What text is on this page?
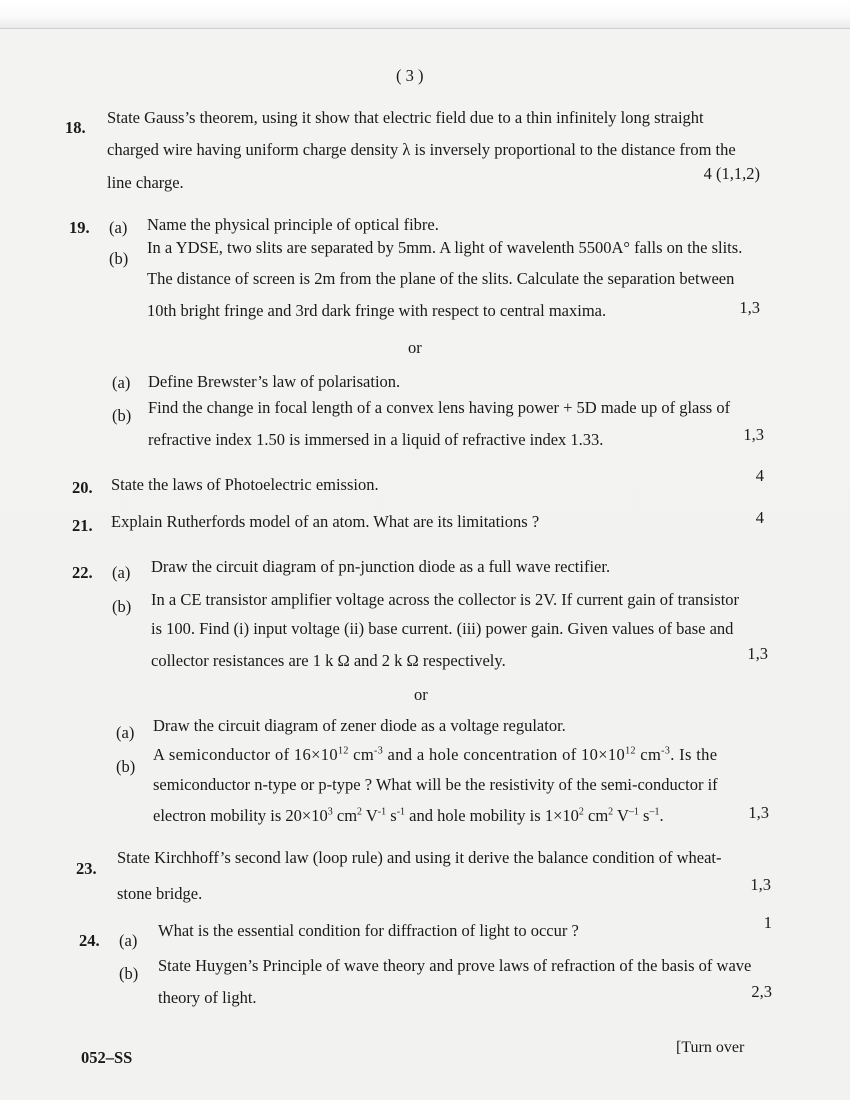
( 3 )
18.
State Gauss’s theorem, using it show that electric field due to a thin infinitely long straight
charged wire having uniform charge density λ is inversely proportional to the distance from the
line charge.	4 (1,1,2)
19. (a) Name the physical principle of optical fibre.
(b)
In a YDSE, two slits are separated by 5mm. A light of wavelenth 5500A° falls on the slits.
The distance of screen is 2m from the plane of the slits. Calculate the separation between
10th bright fringe and 3rd dark fringe with respect to central maxima.	1,3
or
(a) Define Brewster’s law of polarisation.
(b) Find the change in focal length of a convex lens having power + 5D made up of glass of
refractive index 1.50 is immersed in a liquid of refractive index 1.33.	1,3
20. State the laws of Photoelectric emission.	4
21. Explain Rutherfords model of an atom. What are its limitations ?	4
22. (a) Draw the circuit diagram of pn-junction diode as a full wave rectifier.
(b) In a CE transistor amplifier voltage across the collector is 2V. If current gain of transistor
is 100. Find (i) input voltage (ii) base current. (iii) power gain. Given values of base and
collector resistances are 1 k Ω and 2 k Ω respectively.	1,3
or
(a) Draw the circuit diagram of zener diode as a voltage regulator.
(b)
A semiconductor of $16\times 10^{12}$ $cm^{-3}$ and a hole concentration of $10\times 10^{12}$ $cm^{-3}$. Is the
semiconductor n-type or p-type ? What will be the resistivity of the semi-conductor if
electron mobility is $20\times 10^3$ $cm^2$ $V^{-1}$ $s^{-1}$ and hole mobility is $1\times 10^2$ $cm^2$ $V^{-1}$ $s^{-1}$.	1,3
23.
State Kirchhoff’s second law (loop rule) and using it derive the balance condition of wheat-
stone bridge.	1,3
24. (a)
What is the essential condition for diffraction of light to occur ?	1
(b) State Huygen’s Principle of wave theory and prove laws of refraction of the basis of wave
theory of light.	2,3
052–SS
[Turn over
